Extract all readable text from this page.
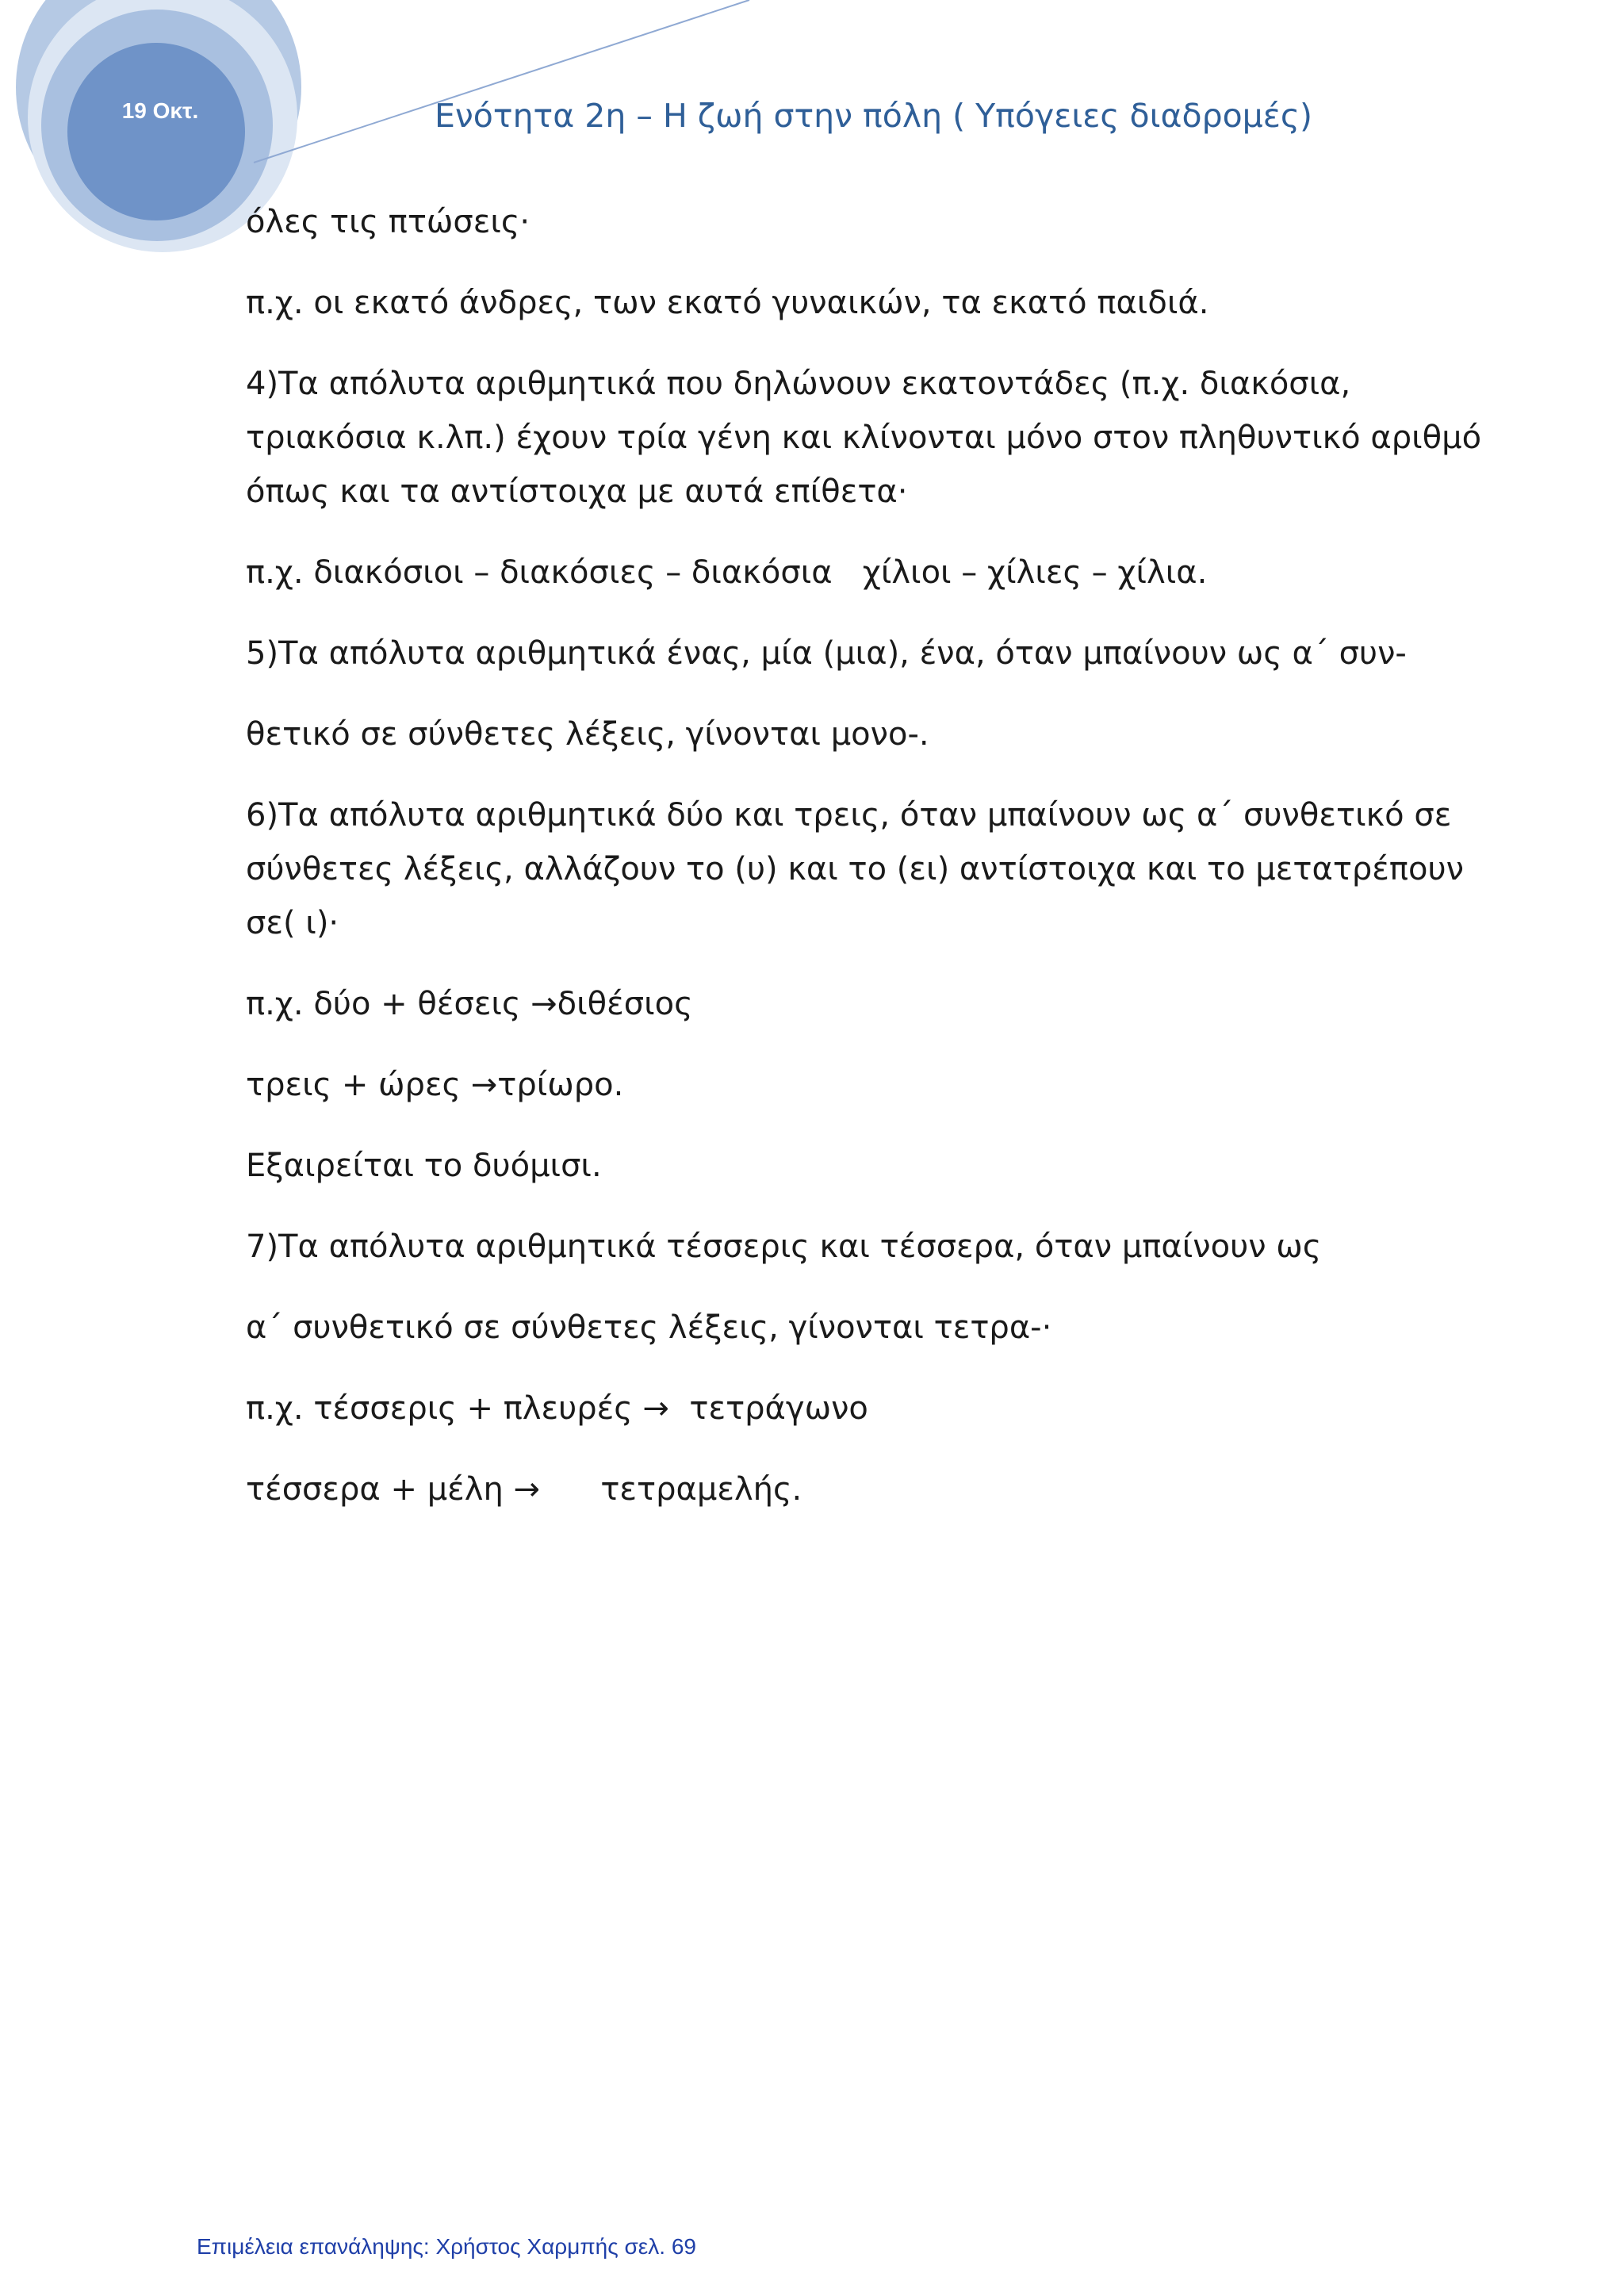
19 Οκτ.	Ενότητα 2η – Η ζωή στην πόλη ( Υπόγειες διαδρομές)
όλες τις πτώσεις·
π.χ. οι εκατό άνδρες, των εκατό γυναικών, τα εκατό παιδιά.
4)Τα απόλυτα αριθμητικά που δηλώνουν εκατοντάδες (π.χ. διακόσια,
τριακόσια κ.λπ.) έχουν τρία γένη και κλίνονται μόνο στον πληθυντικό αριθμό
όπως και τα αντίστοιχα με αυτά επίθετα·
π.χ. διακόσιοι – διακόσιες – διακόσια   χίλιοι – χίλιες – χίλια.
5)Τα απόλυτα αριθμητικά ένας, μία (μια), ένα, όταν μπαίνουν ως α΄ συν-
θετικό σε σύνθετες λέξεις, γίνονται μονο-.
6)Τα απόλυτα αριθμητικά δύο και τρεις, όταν μπαίνουν ως α΄ συνθετικό σε
σύνθετες λέξεις, αλλάζουν το (υ) και το (ει) αντίστοιχα και το μετατρέπουν
σε( ι)·
π.χ. δύο + θέσεις →διθέσιος
τρεις + ώρες →τρίωρο.
Εξαιρείται το δυόμισι.
7)Τα απόλυτα αριθμητικά τέσσερις και τέσσερα, όταν μπαίνουν ως
α΄ συνθετικό σε σύνθετες λέξεις, γίνονται τετρα-·
π.χ. τέσσερις + πλευρές →  τετράγωνο
τέσσερα + μέλη →      τετραμελής.
Επιμέλεια επανάληψης: Χρήστος Χαρμπής σελ. 69
